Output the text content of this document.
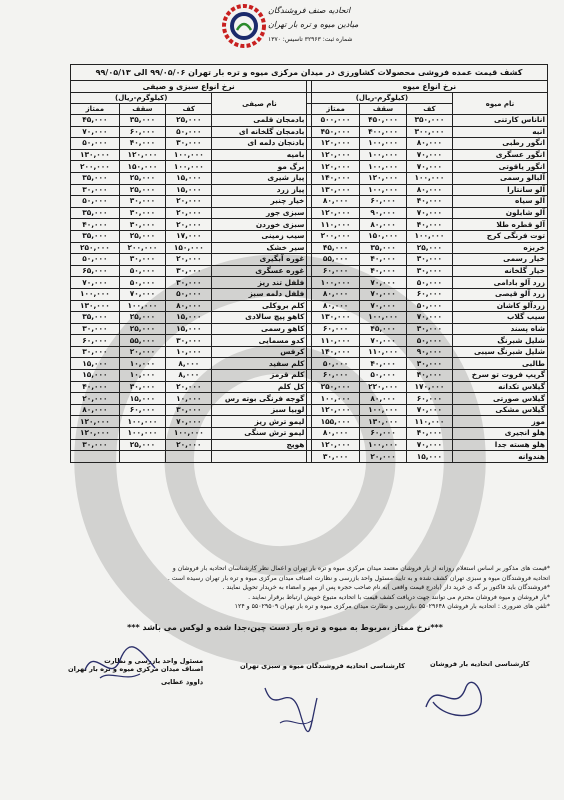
اتحادیه صنف فروشندگان
میادین میوه و تره بار تهران
شماره ثبت: ۳۲۹۶۳ تاسیس: ۱۳۷۰
کشف قیمت عمده فروشی محصولات کشاورزی در میدان مرکزی میوه و تره بار تهران ۹۹/۰۵/۰۶ الی ۹۹/۰۵/۱۳								
نرخ انواع میوه					نرخ انواع سبزی و صیفی			
نام میوه	(کیلوگرم-ریال)				نام صیفی	(کیلوگرم-ریال)		
	کف	سقف	ممتاز			کف	سقف	ممتاز
اناناس کارتنی	۳۵۰,۰۰۰	۴۵۰,۰۰۰	۵۰۰,۰۰۰		بادمجان قلمی	۲۵,۰۰۰	۳۵,۰۰۰	۴۵,۰۰۰
انبه	۳۰۰,۰۰۰	۴۰۰,۰۰۰	۴۵۰,۰۰۰		بادمجان گلخانه ای	۵۰,۰۰۰	۶۰,۰۰۰	۷۰,۰۰۰
انگور رطبی	۸۰,۰۰۰	۱۰۰,۰۰۰	۱۲۰,۰۰۰		بادنجان دلمه ای	۳۰,۰۰۰	۴۰,۰۰۰	۵۰,۰۰۰
انگور عسگری	۷۰,۰۰۰	۱۰۰,۰۰۰	۱۲۰,۰۰۰		بامیه	۱۰۰,۰۰۰	۱۲۰,۰۰۰	۱۳۰,۰۰۰
انگور یاقوتی	۷۰,۰۰۰	۱۰۰,۰۰۰	۱۲۰,۰۰۰		برگ مو	۱۰۰,۰۰۰	۱۵۰,۰۰۰	۲۰۰,۰۰۰
آلبالو رسمی	۱۰۰,۰۰۰	۱۲۰,۰۰۰	۱۴۰,۰۰۰		پیاز شیری	۱۵,۰۰۰	۲۵,۰۰۰	۳۵,۰۰۰
آلو سانتارا	۸۰,۰۰۰	۱۰۰,۰۰۰	۱۳۰,۰۰۰		پیاز زرد	۱۵,۰۰۰	۲۵,۰۰۰	۳۰,۰۰۰
آلو سیاه	۴۰,۰۰۰	۶۰,۰۰۰	۸۰,۰۰۰		خیار چنبر	۲۰,۰۰۰	۳۰,۰۰۰	۵۰,۰۰۰
آلو شابلون	۷۰,۰۰۰	۹۰,۰۰۰	۱۲۰,۰۰۰		سبزی جور	۲۰,۰۰۰	۳۰,۰۰۰	۳۵,۰۰۰
آلو قطره طلا	۴۰,۰۰۰	۸۰,۰۰۰	۱۱۰,۰۰۰		سبزی خوردن	۲۰,۰۰۰	۳۰,۰۰۰	۴۰,۰۰۰
توت فرنگی کرج	۱۰۰,۰۰۰	۱۵۰,۰۰۰	۲۰۰,۰۰۰		سیب زمینی	۱۷,۰۰۰	۲۵,۰۰۰	۳۵,۰۰۰
خربزه	۲۵,۰۰۰	۳۵,۰۰۰	۴۵,۰۰۰		سیر خشک	۱۵۰,۰۰۰	۲۰۰,۰۰۰	۲۵۰,۰۰۰
خیار رسمی	۳۰,۰۰۰	۴۰,۰۰۰	۵۵,۰۰۰		غوره آبگیری	۲۰,۰۰۰	۳۰,۰۰۰	۵۰,۰۰۰
خیار گلخانه	۳۰,۰۰۰	۴۰,۰۰۰	۶۰,۰۰۰		غوره عسگری	۳۰,۰۰۰	۵۰,۰۰۰	۶۵,۰۰۰
زرد آلو بادامی	۵۰,۰۰۰	۷۰,۰۰۰	۱۰۰,۰۰۰		فلفل تند ریز	۳۰,۰۰۰	۵۰,۰۰۰	۷۰,۰۰۰
زرد آلو قیصی	۶۰,۰۰۰	۷۰,۰۰۰	۸۰,۰۰۰		فلفل دلمه سبز	۵۰,۰۰۰	۷۰,۰۰۰	۱۰۰,۰۰۰
زردآلو کاشان	۵۰,۰۰۰	۷۰,۰۰۰	۸۰,۰۰۰		کلم بروکلی	۸۰,۰۰۰	۱۰۰,۰۰۰	۱۳۰,۰۰۰
سیب گلاب	۷۰,۰۰۰	۱۰۰,۰۰۰	۱۳۰,۰۰۰		کاهو پیچ سالادی	۱۵,۰۰۰	۲۵,۰۰۰	۳۵,۰۰۰
شاه پسند	۳۰,۰۰۰	۴۵,۰۰۰	۶۰,۰۰۰		کاهو رسمی	۱۵,۰۰۰	۲۵,۰۰۰	۳۰,۰۰۰
شلیل شبرنگ	۵۰,۰۰۰	۷۰,۰۰۰	۱۱۰,۰۰۰		کدو مسمایی	۳۰,۰۰۰	۵۵,۰۰۰	۶۰,۰۰۰
شلیل شبرنگ سیبی	۹۰,۰۰۰	۱۱۰,۰۰۰	۱۴۰,۰۰۰		کرفس	۱۰,۰۰۰	۲۰,۰۰۰	۳۰,۰۰۰
طالبی	۳۰,۰۰۰	۴۰,۰۰۰	۵۰,۰۰۰		کلم سفید	۸,۰۰۰	۱۰,۰۰۰	۱۵,۰۰۰
گریپ فروت تو سرخ	۴۰,۰۰۰	۵۰,۰۰۰	۶۰,۰۰۰		کلم قرمز	۸,۰۰۰	۱۰,۰۰۰	۱۵,۰۰۰
گیلاس تکدانه	۱۷۰,۰۰۰	۲۲۰,۰۰۰	۲۵۰,۰۰۰		کل کلم	۲۰,۰۰۰	۳۰,۰۰۰	۴۰,۰۰۰
گیلاس صورتی	۶۰,۰۰۰	۸۰,۰۰۰	۱۰۰,۰۰۰		گوجه فرنگی بوته رس	۱۰,۰۰۰	۱۵,۰۰۰	۲۰,۰۰۰
گیلاس مشکی	۷۰,۰۰۰	۱۰۰,۰۰۰	۱۲۰,۰۰۰		لوبیا سبز	۳۰,۰۰۰	۶۰,۰۰۰	۸۰,۰۰۰
موز	۱۱۰,۰۰۰	۱۳۰,۰۰۰	۱۵۵,۰۰۰		لیمو ترش ریز	۷۰,۰۰۰	۱۰۰,۰۰۰	۱۲۰,۰۰۰
هلو انجیری	۴۰,۰۰۰	۶۰,۰۰۰	۸۰,۰۰۰		لیمو ترش سنگی	۱۰۰,۰۰۰	۱۰۰,۰۰۰	۱۲۰,۰۰۰
هلو هسته جدا	۷۰,۰۰۰	۱۰۰,۰۰۰	۱۲۰,۰۰۰		هویج	۲۰,۰۰۰	۲۵,۰۰۰	۳۰,۰۰۰
هندوانه	۱۵,۰۰۰	۲۰,۰۰۰	۳۰,۰۰۰					
*قیمت های مذکور بر اساس استعلام روزانه از بار فروشان معتمد میدان مرکزی میوه و تره بار تهران و اعمال نظر کارشناسان اتحادیه بار فروشان و
اتحادیه فروشندگان میوه و سبزی تهران کشف شده و به تایید مسئول واحد بازرسی و نظارت اصناف میدان مرکزی میوه و تره بار تهران رسیده است .
*فروشندگان باید فاکتور بر گه ی خرید دار (بادرج قیمت واقعی )به نام صاحب حجره پس از مهر و امضاء به خریدار تحویل نمایند .
*بار فروشان و میوه فروشان محترم می توانند جهت دریافت کشف قیمت با اتحادیه متبوع خویش ارتباط برقرار نمایند .
*تلفن های ضروری : اتحادیه بار فروشان ۵۵۰۲۹۶۴۸ ،بازرسی و نظارت میدان مرکزی میوه و تره بار تهران ۵۵۰۲۹۵۰۹ و ۱۲۴
***نرخ ممتاز ،مربوط به میوه و تره بار دست چین،جدا شده و لوکس می باشد ***
مسئول واحد بازرسی و نظارت
اصناف میدان مرکزی میوه و تره بار تهران
داوود عطایی
کارشناسی اتحادیه فروشندگان میوه و سبزی تهران	کارشناسی اتحادیه بار فروشان
